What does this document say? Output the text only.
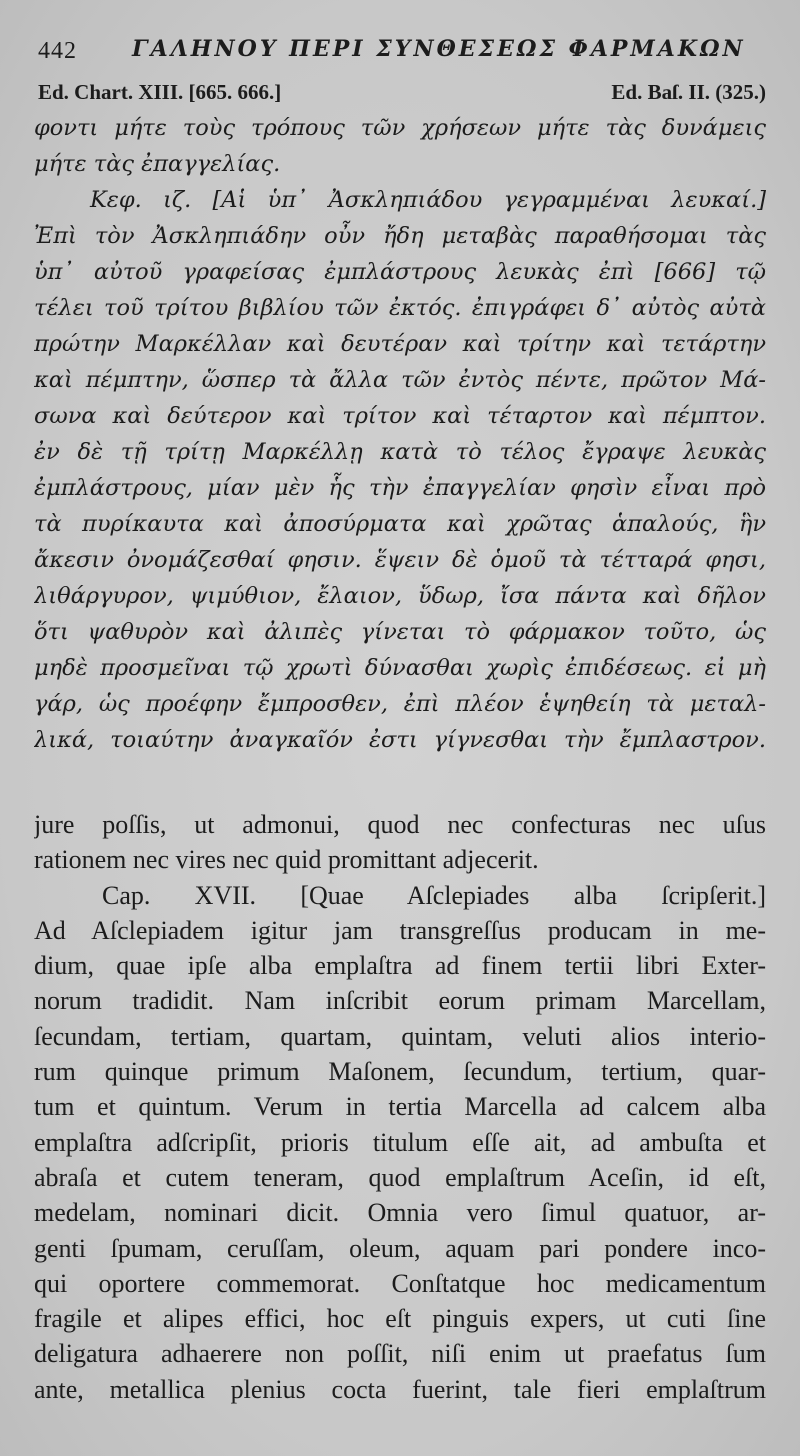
442	ΓΑΛΗΝΟΥ ΠΕΡΙ ΣΥΝΘΕΣΕΩΣ ΦΑΡΜΑΚΩΝ
Ed. Chart. XIII. [665. 666.]	Ed. Baſ. II. (325.)
φοντι μήτε τοὺς τρόπους τῶν χρήσεων μήτε τὰς δυνάμεις
μήτε τὰς ἐπαγγελίας.
Κεφ. ιζ. [Αἱ ὑπ᾽ Ἀσκληπιάδου γεγραμμέναι λευκαί.]
Ἐπὶ τὸν Ἀσκληπιάδην οὖν ἤδη μεταβὰς παραθήσομαι τὰς
ὑπ᾽ αὐτοῦ γραφείσας ἐμπλάστρους λευκὰς ἐπὶ [666] τῷ
τέλει τοῦ τρίτου βιβλίου τῶν ἐκτός. ἐπιγράφει δ᾽ αὐτὸς αὐτὰ
πρώτην Μαρκέλλαν καὶ δευτέραν καὶ τρίτην καὶ τετάρτην
καὶ πέμπτην, ὥσπερ τὰ ἄλλα τῶν ἐντὸς πέντε, πρῶτον Μά-
σωνα καὶ δεύτερον καὶ τρίτον καὶ τέταρτον καὶ πέμπτον.
ἐν δὲ τῇ τρίτῃ Μαρκέλλῃ κατὰ τὸ τέλος ἔγραψε λευκὰς
ἐμπλάστρους, μίαν μὲν ἧς τὴν ἐπαγγελίαν φησὶν εἶναι πρὸ
τὰ πυρίκαυτα καὶ ἀποσύρματα καὶ χρῶτας ἁπαλούς, ἣν
ἄκεσιν ὀνομάζεσθαί φησιν. ἕψειν δὲ ὁμοῦ τὰ τέτταρά φησι,
λιθάργυρον, ψιμύθιον, ἔλαιον, ὕδωρ, ἴσα πάντα καὶ δῆλον
ὅτι ψαθυρὸν καὶ ἀλιπὲς γίνεται τὸ φάρμακον τοῦτο, ὡς
μηδὲ προσμεῖναι τῷ χρωτὶ δύνασθαι χωρὶς ἐπιδέσεως. εἰ μὴ
γάρ, ὡς προέφην ἔμπροσθεν, ἐπὶ πλέον ἑψηθείη τὰ μεταλ-
λικά, τοιαύτην ἀναγκαῖόν ἐστι γίγνεσθαι τὴν ἔμπλαστρον.
jure poſſis, ut admonui, quod nec confecturas nec uſus
rationem nec vires nec quid promittant adjecerit.
Cap. XVII. [Quae Aſclepiades alba ſcripſerit.]
Ad Aſclepiadem igitur jam transgreſſus producam in me-
dium, quae ipſe alba emplaſtra ad finem tertii libri Exter-
norum tradidit. Nam inſcribit eorum primam Marcellam,
ſecundam, tertiam, quartam, quintam, veluti alios interio-
rum quinque primum Maſonem, ſecundum, tertium, quar-
tum et quintum. Verum in tertia Marcella ad calcem alba
emplaſtra adſcripſit, prioris titulum eſſe ait, ad ambuſta et
abraſa et cutem teneram, quod emplaſtrum Aceſin, id eſt,
medelam, nominari dicit. Omnia vero ſimul quatuor, ar-
genti ſpumam, ceruſſam, oleum, aquam pari pondere inco-
qui oportere commemorat. Conſtatque hoc medicamentum
fragile et alipes effici, hoc eſt pinguis expers, ut cuti ſine
deligatura adhaerere non poſſit, niſi enim ut praefatus ſum
ante, metallica plenius cocta fuerint, tale fieri emplaſtrum
